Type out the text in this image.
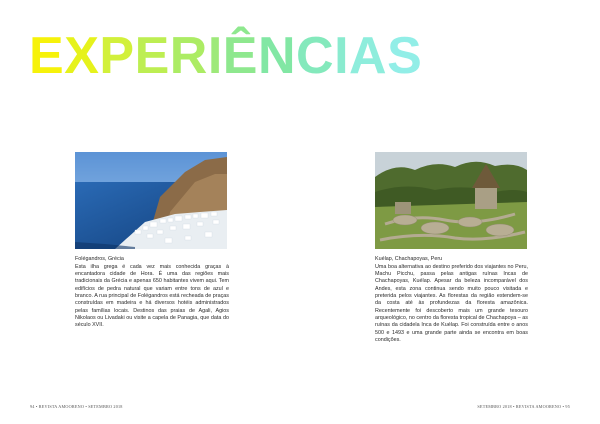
EXPERIÊNCIAS
Folégandros, Grécia
Esta ilha grega é cada vez mais conhecida graças à encantadora cidade de Hora. É uma das regiões mais tradicionais da Grécia e apenas 650 habitantes vivem aqui. Tem edifícios de pedra natural que variam entre tons de azul e branco. A rua principal de Folégandros está recheada de praças construídas em madeira e há diversos hotéis administrados pelas famílias locais. Destinos das praias de Agali, Agios Nikolaos ou Livadaki ou visite a capela de Panagia, que data do século XVII.
Kuélap, Chachapoyas, Peru
Uma boa alternativa ao destino preferido dos viajantes no Peru, Machu Picchu, passa pelas antigas ruínas Incas de Chachapoyas, Kuélap. Apesar da beleza incomparável dos Andes, esta zona continua sendo muito pouco visitada e preterida pelos viajantes. As florestas da região estendem-se da costa até às profundezas da floresta amazônica. Recentemente foi descoberto mais um grande tesouro arqueológico, no centro da floresta tropical de Chachapoya – as ruínas da cidadela Inca de Kuélap. Foi construída entre o anos 500 e 1493 e uma grande parte ainda se encontra em boas condições.
94 • REVISTA AMOORENO • SETEMBRO 2018	SETEMBRO 2018 • REVISTA AMOORENO • 95
